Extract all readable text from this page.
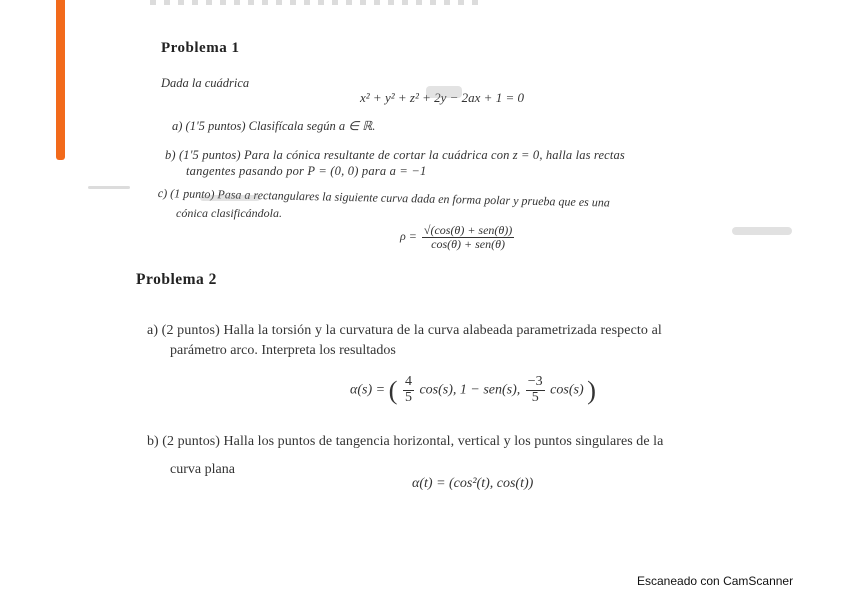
Problema 1
Dada la cuádrica
x² + y² + z² + 2y − 2ax + 1 = 0
a) (1'5 puntos) Clasifícala según a ∈ ℝ.
b) (1'5 puntos) Para la cónica resultante de cortar la cuádrica con z = 0, halla las rectas
tangentes pasando por P = (0, 0) para a = −1
c) (1 punto) Pasa a rectangulares la siguiente curva dada en forma polar y prueba que es una
cónica clasificándola.
$\rho = \frac{\text{√(cos(θ) + sen(θ))}}{\text{cos(θ) + sen(θ)}}$
Problema 2
a) (2 puntos) Halla la torsión y la curvatura de la curva alabeada parametrizada respecto al
parámetro arco. Interpreta los resultados
α(s) = ( $\frac{4}{5} \cos(s)$, 1 − sen(s), $\frac{-3}{5} \cos(s)$ )
b) (2 puntos) Halla los puntos de tangencia horizontal, vertical y los puntos singulares de la
curva plana
α(t) = (cos²(t), cos(t))
Escaneado con CamScanner
